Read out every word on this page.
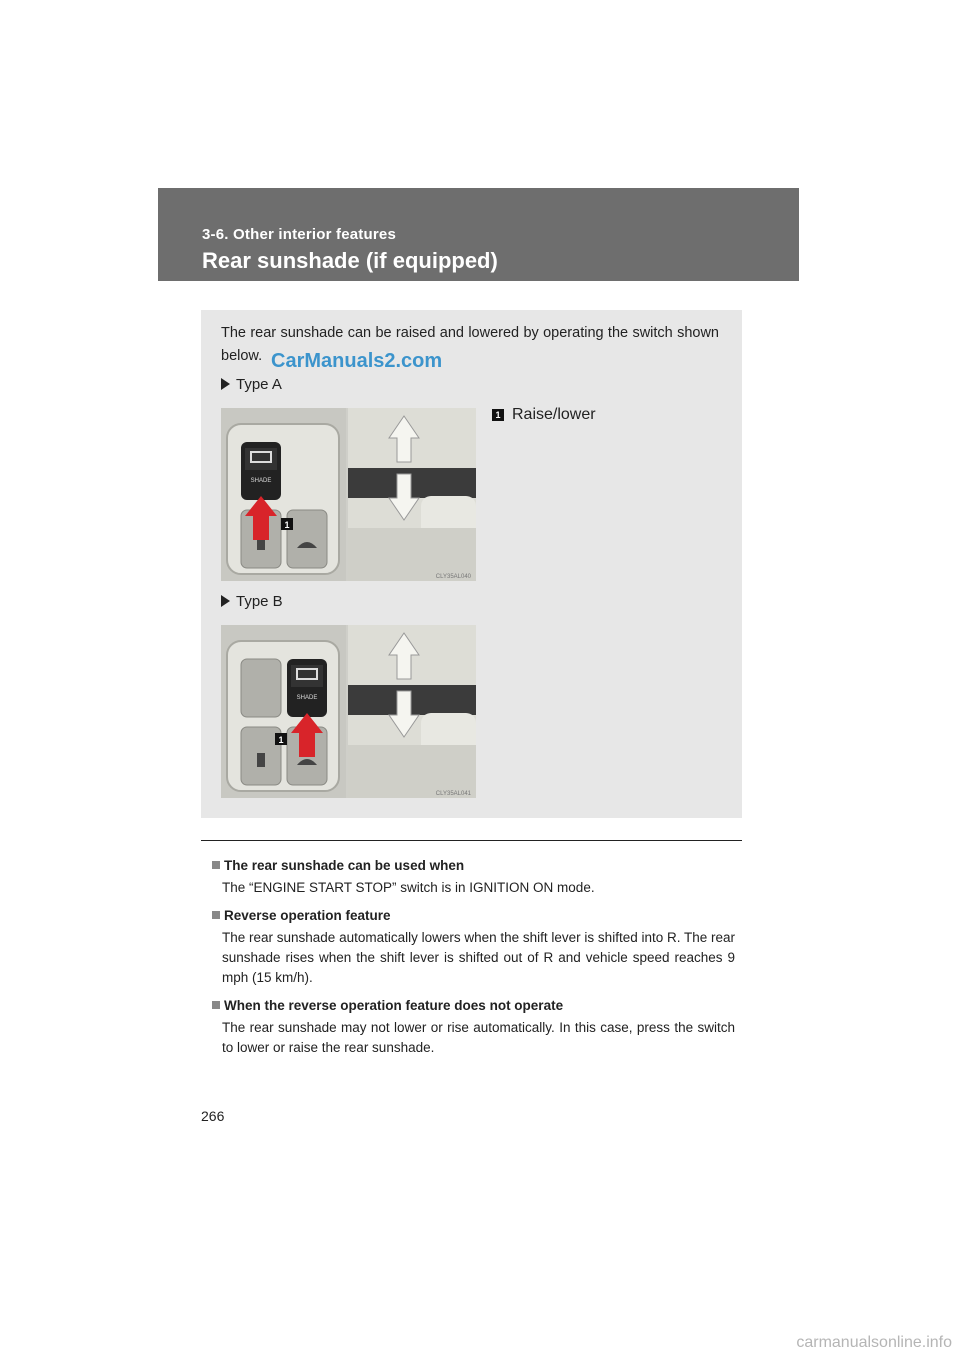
3-6. Other interior features
Rear sunshade (if equipped)
The rear sunshade can be raised and lowered by operating the switch shown below. CarManuals2.com
Type A
SHADE
1
CLY35AL040
1 Raise/lower
Type B
SHADE
1
CLY35AL041
The rear sunshade can be used when
The “ENGINE START STOP” switch is in IGNITION ON mode.
Reverse operation feature
The rear sunshade automatically lowers when the shift lever is shifted into R. The rear sunshade rises when the shift lever is shifted out of R and vehicle speed reaches 9 mph (15 km/h).
When the reverse operation feature does not operate
The rear sunshade may not lower or rise automatically. In this case, press the switch to lower or raise the rear sunshade.
266
carmanualsonline.info
